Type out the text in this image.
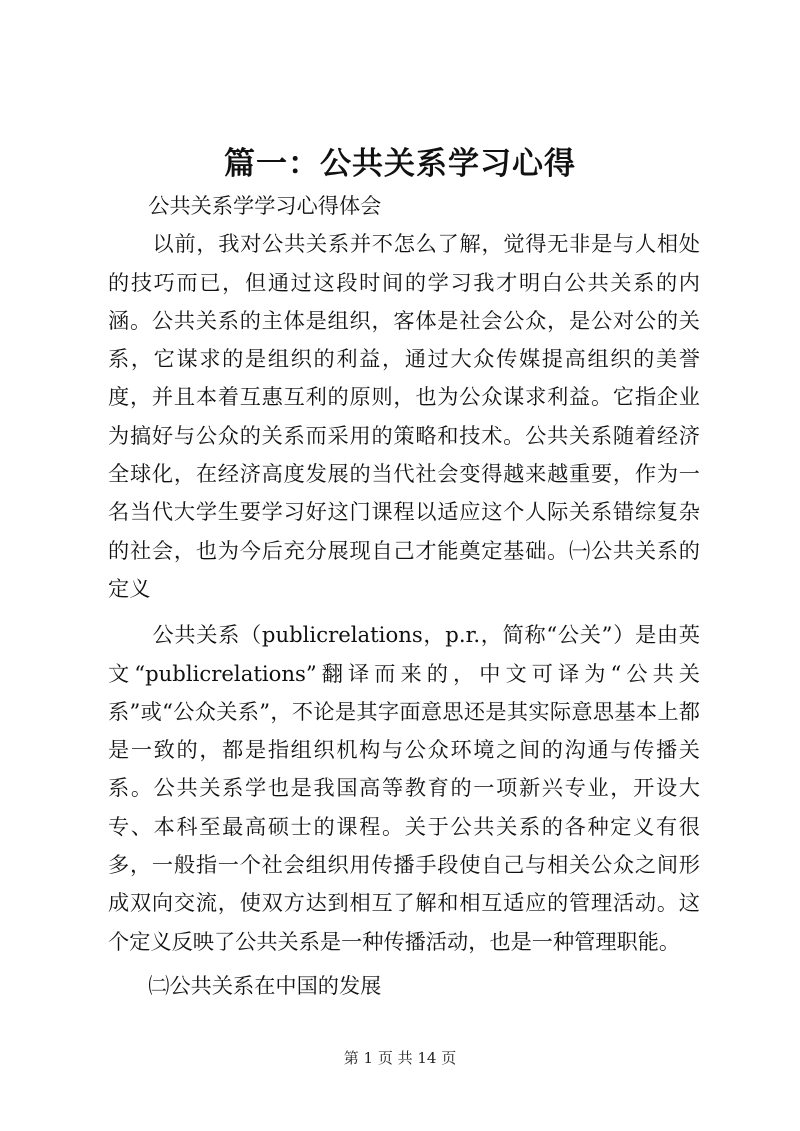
篇一：公共关系学习心得

公共关系学学习心得体会

以前，我对公共关系并不怎么了解，觉得无非是与人相处的技巧而已，但通过这段时间的学习我才明白公共关系的内涵。公共关系的主体是组织，客体是社会公众，是公对公的关系，它谋求的是组织的利益，通过大众传媒提高组织的美誉度，并且本着互惠互利的原则，也为公众谋求利益。它指企业为搞好与公众的关系而采用的策略和技术。公共关系随着经济全球化，在经济高度发展的当代社会变得越来越重要，作为一名当代大学生要学习好这门课程以适应这个人际关系错综复杂的社会，也为今后充分展现自己才能奠定基础。㈠公共关系的定义

公共关系（publicrelations，p.r.，简称“公关”）是由英文“publicrelations”翻译而来的，中文可译为“公共关系”或“公众关系”，不论是其字面意思还是其实际意思基本上都是一致的，都是指组织机构与公众环境之间的沟通与传播关系。公共关系学也是我国高等教育的一项新兴专业，开设大专、本科至最高硕士的课程。关于公共关系的各种定义有很多，一般指一个社会组织用传播手段使自己与相关公众之间形成双向交流，使双方达到相互了解和相互适应的管理活动。这个定义反映了公共关系是一种传播活动，也是一种管理职能。

㈡公共关系在中国的发展

第 1 页 共 14 页
